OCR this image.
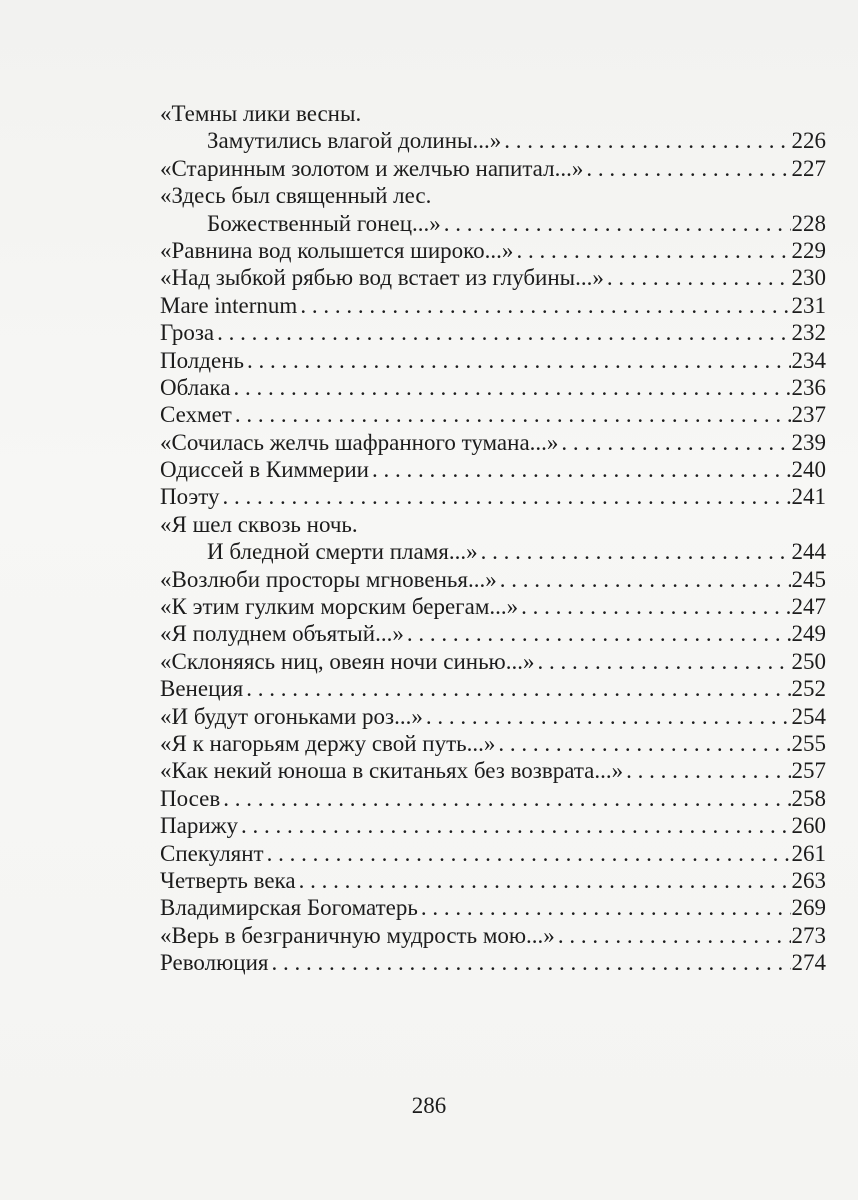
«Темны лики весны.
Замутились влагой долины...» . . .	226
«Старинным золотом и желчью напитал...» . . .	227
«Здесь был священный лес.
Божественный гонец...» . . .	228
«Равнина вод колышется широко...» . . .	229
«Над зыбкой рябью вод встает из глубины...» . . .	230
Mare internum . . .	231
Гроза . . .	232
Полдень . . .	234
Облака . . .	236
Сехмет . . .	237
«Сочилась желчь шафранного тумана...» . . .	239
Одиссей в Киммерии . . .	240
Поэту . . .	241
«Я шел сквозь ночь.
И бледной смерти пламя...» . . .	244
«Возлюби просторы мгновенья...» . . .	245
«К этим гулким морским берегам...» . . .	247
«Я полуднем объятый...» . . .	249
«Склоняясь ниц, овеян ночи синью...» . . .	250
Венеция . . .	252
«И будут огоньками роз...» . . .	254
«Я к нагорьям держу свой путь...» . . .	255
«Как некий юноша в скитаньях без возврата...» . . .	257
Посев . . .	258
Парижу . . .	260
Спекулянт . . .	261
Четверть века . . .	263
Владимирская Богоматерь . . .	269
«Верь в безграничную мудрость мою...» . . .	273
Революция . . .	274
286
